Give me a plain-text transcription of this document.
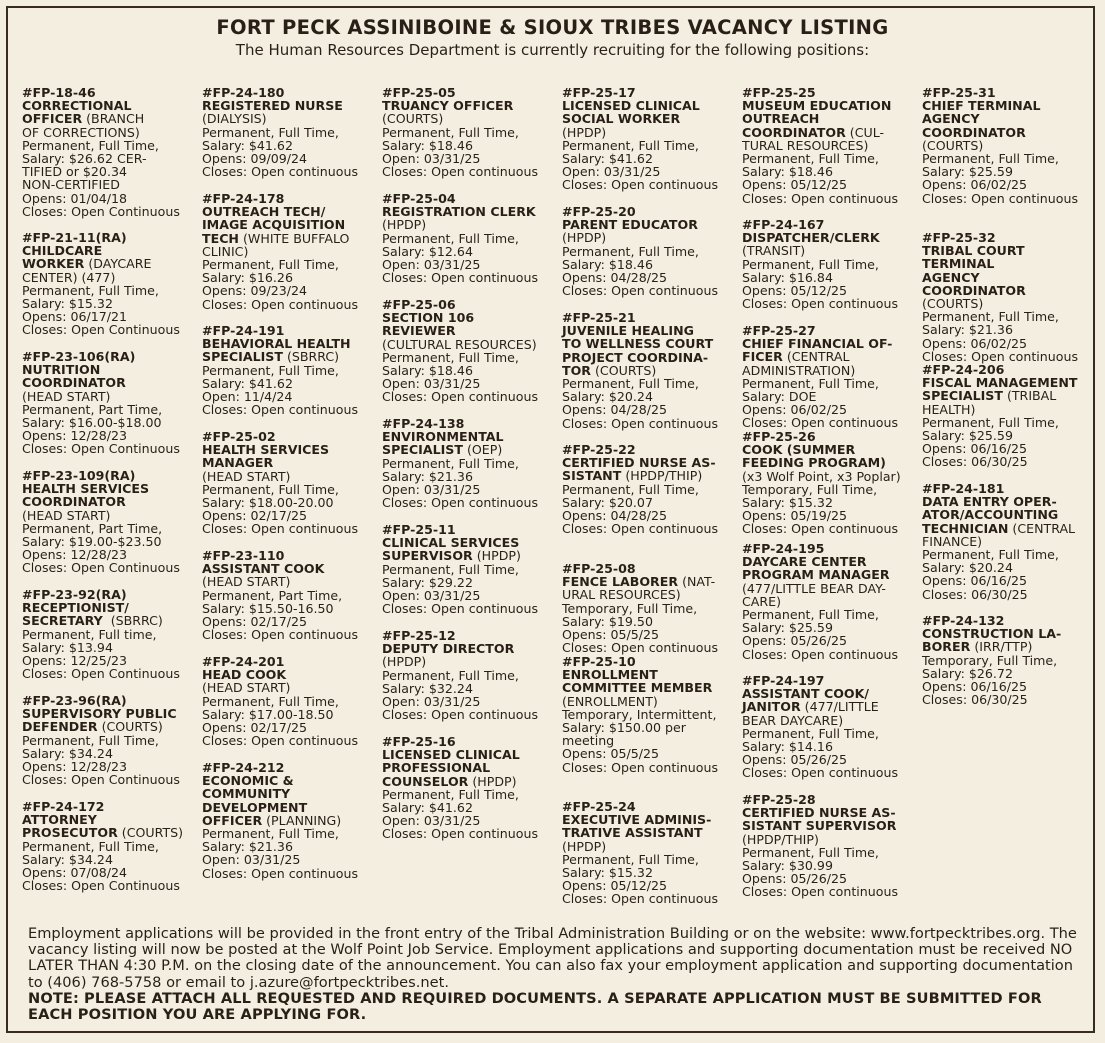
FORT PECK ASSINIBOINE & SIOUX TRIBES VACANCY LISTING
The Human Resources Department is currently recruiting for the following positions:
#FP-18-46
CORRECTIONAL
OFFICER (BRANCH
OF CORRECTIONS)
Permanent, Full Time,
Salary: $26.62 CER-
TIFIED or $20.34
NON-CERTIFIED
Opens: 01/04/18
Closes: Open Continuous
#FP-21-11(RA)
CHILDCARE
WORKER (DAYCARE
CENTER) (477)
Permanent, Full Time,
Salary: $15.32
Opens: 06/17/21
Closes: Open Continuous
#FP-23-106(RA)
NUTRITION
COORDINATOR
(HEAD START)
Permanent, Part Time,
Salary: $16.00-$18.00
Opens: 12/28/23
Closes: Open Continuous
#FP-23-109(RA)
HEALTH SERVICES
COORDINATOR
(HEAD START)
Permanent, Part Time,
Salary: $19.00-$23.50
Opens: 12/28/23
Closes: Open Continuous
#FP-23-92(RA)
RECEPTIONIST/
SECRETARY  (SBRRC)
Permanent, Full time,
Salary: $13.94
Opens: 12/25/23
Closes: Open Continuous
#FP-23-96(RA)
SUPERVISORY PUBLIC
DEFENDER (COURTS)
Permanent, Full Time,
Salary: $34.24
Opens: 12/28/23
Closes: Open Continuous
#FP-24-172
ATTORNEY
PROSECUTOR (COURTS)
Permanent, Full Time,
Salary: $34.24
Opens: 07/08/24
Closes: Open Continuous
#FP-24-180
REGISTERED NURSE
(DIALYSIS)
Permanent, Full Time,
Salary: $41.62
Opens: 09/09/24
Closes: Open continuous
#FP-24-178
OUTREACH TECH/
IMAGE ACQUISITION
TECH (WHITE BUFFALO
CLINIC)
Permanent, Full Time,
Salary: $16.26
Opens: 09/23/24
Closes: Open continuous
#FP-24-191
BEHAVIORAL HEALTH
SPECIALIST (SBRRC)
Permanent, Full Time,
Salary: $41.62
Open: 11/4/24
Closes: Open continuous
#FP-25-02
HEALTH SERVICES
MANAGER
(HEAD START)
Permanent, Full Time,
Salary: $18.00-20.00
Opens: 02/17/25
Closes: Open continuous
#FP-23-110
ASSISTANT COOK
(HEAD START)
Permanent, Part Time,
Salary: $15.50-16.50
Opens: 02/17/25
Closes: Open continuous
#FP-24-201
HEAD COOK
(HEAD START)
Permanent, Full Time,
Salary: $17.00-18.50
Opens: 02/17/25
Closes: Open continuous
#FP-24-212
ECONOMIC &
COMMUNITY
DEVELOPMENT
OFFICER (PLANNING)
Permanent, Full Time,
Salary: $21.36
Open: 03/31/25
Closes: Open continuous
#FP-25-05
TRUANCY OFFICER
(COURTS)
Permanent, Full Time,
Salary: $18.46
Open: 03/31/25
Closes: Open continuous
#FP-25-04
REGISTRATION CLERK
(HPDP)
Permanent, Full Time,
Salary: $12.64
Open: 03/31/25
Closes: Open continuous
#FP-25-06
SECTION 106
REVIEWER
(CULTURAL RESOURCES)
Permanent, Full Time,
Salary: $18.46
Open: 03/31/25
Closes: Open continuous
#FP-24-138
ENVIRONMENTAL
SPECIALIST (OEP)
Permanent, Full Time,
Salary: $21.36
Open: 03/31/25
Closes: Open continuous
#FP-25-11
CLINICAL SERVICES
SUPERVISOR (HPDP)
Permanent, Full Time,
Salary: $29.22
Open: 03/31/25
Closes: Open continuous
#FP-25-12
DEPUTY DIRECTOR
(HPDP)
Permanent, Full Time,
Salary: $32.24
Open: 03/31/25
Closes: Open continuous
#FP-25-16
LICENSED CLINICAL
PROFESSIONAL
COUNSELOR (HPDP)
Permanent, Full Time,
Salary: $41.62
Open: 03/31/25
Closes: Open continuous
#FP-25-17
LICENSED CLINICAL
SOCIAL WORKER
(HPDP)
Permanent, Full Time,
Salary: $41.62
Open: 03/31/25
Closes: Open continuous
#FP-25-20
PARENT EDUCATOR
(HPDP)
Permanent, Full Time,
Salary: $18.46
Opens: 04/28/25
Closes: Open continuous
#FP-25-21
JUVENILE HEALING
TO WELLNESS COURT
PROJECT COORDINA-
TOR (COURTS)
Permanent, Full Time,
Salary: $20.24
Opens: 04/28/25
Closes: Open continuous
#FP-25-22
CERTIFIED NURSE AS-
SISTANT (HPDP/THIP)
Permanent, Full Time,
Salary: $20.07
Opens: 04/28/25
Closes: Open continuous
#FP-25-08
FENCE LABORER (NAT-
URAL RESOURCES)
Temporary, Full Time,
Salary: $19.50
Opens: 05/5/25
Closes: Open continuous
#FP-25-10
ENROLLMENT
COMMITTEE MEMBER
(ENROLLMENT)
Temporary, Intermittent,
Salary: $150.00 per
meeting
Opens: 05/5/25
Closes: Open continuous
#FP-25-24
EXECUTIVE ADMINIS-
TRATIVE ASSISTANT
(HPDP)
Permanent, Full Time,
Salary: $15.32
Opens: 05/12/25
Closes: Open continuous
#FP-25-25
MUSEUM EDUCATION
OUTREACH
COORDINATOR (CUL-
TURAL RESOURCES)
Permanent, Full Time,
Salary: $18.46
Opens: 05/12/25
Closes: Open continuous
#FP-24-167
DISPATCHER/CLERK
(TRANSIT)
Permanent, Full Time,
Salary: $16.84
Opens: 05/12/25
Closes: Open continuous
#FP-25-27
CHIEF FINANCIAL OF-
FICER (CENTRAL
ADMINISTRATION)
Permanent, Full Time,
Salary: DOE
Opens: 06/02/25
Closes: Open continuous
#FP-25-26
COOK (SUMMER
FEEDING PROGRAM)
(x3 Wolf Point, x3 Poplar)
Temporary, Full Time,
Salary: $15.32
Opens: 05/19/25
Closes: Open continuous
#FP-24-195
DAYCARE CENTER
PROGRAM MANAGER
(477/LITTLE BEAR DAY-
CARE)
Permanent, Full Time,
Salary: $25.59
Opens: 05/26/25
Closes: Open continuous
#FP-24-197
ASSISTANT COOK/
JANITOR (477/LITTLE
BEAR DAYCARE)
Permanent, Full Time,
Salary: $14.16
Opens: 05/26/25
Closes: Open continuous
#FP-25-28
CERTIFIED NURSE AS-
SISTANT SUPERVISOR
(HPDP/THIP)
Permanent, Full Time,
Salary: $30.99
Opens: 05/26/25
Closes: Open continuous
#FP-25-31
CHIEF TERMINAL
AGENCY
COORDINATOR
(COURTS)
Permanent, Full Time,
Salary: $25.59
Opens: 06/02/25
Closes: Open continuous
#FP-25-32
TRIBAL COURT
TERMINAL
AGENCY
COORDINATOR
(COURTS)
Permanent, Full Time,
Salary: $21.36
Opens: 06/02/25
Closes: Open continuous
#FP-24-206
FISCAL MANAGEMENT
SPECIALIST (TRIBAL
HEALTH)
Permanent, Full Time,
Salary: $25.59
Opens: 06/16/25
Closes: 06/30/25
#FP-24-181
DATA ENTRY OPER-
ATOR/ACCOUNTING
TECHNICIAN (CENTRAL
FINANCE)
Permanent, Full Time,
Salary: $20.24
Opens: 06/16/25
Closes: 06/30/25
#FP-24-132
CONSTRUCTION LA-
BORER (IRR/TTP)
Temporary, Full Time,
Salary: $26.72
Opens: 06/16/25
Closes: 06/30/25

Employment applications will be provided in the front entry of the Tribal Administration Building or on the website: www.fortpecktribes.org. The vacancy listing will now be posted at the Wolf Point Job Service. Employment applications and supporting documentation must be received NO LATER THAN 4:30 P.M. on the closing date of the announcement. You can also fax your employment application and supporting documentation to (406) 768-5758 or email to j.azure@fortpecktribes.net.

NOTE: PLEASE ATTACH ALL REQUESTED AND REQUIRED DOCUMENTS. A SEPARATE APPLICATION MUST BE SUBMITTED FOR EACH POSITION YOU ARE APPLYING FOR.
